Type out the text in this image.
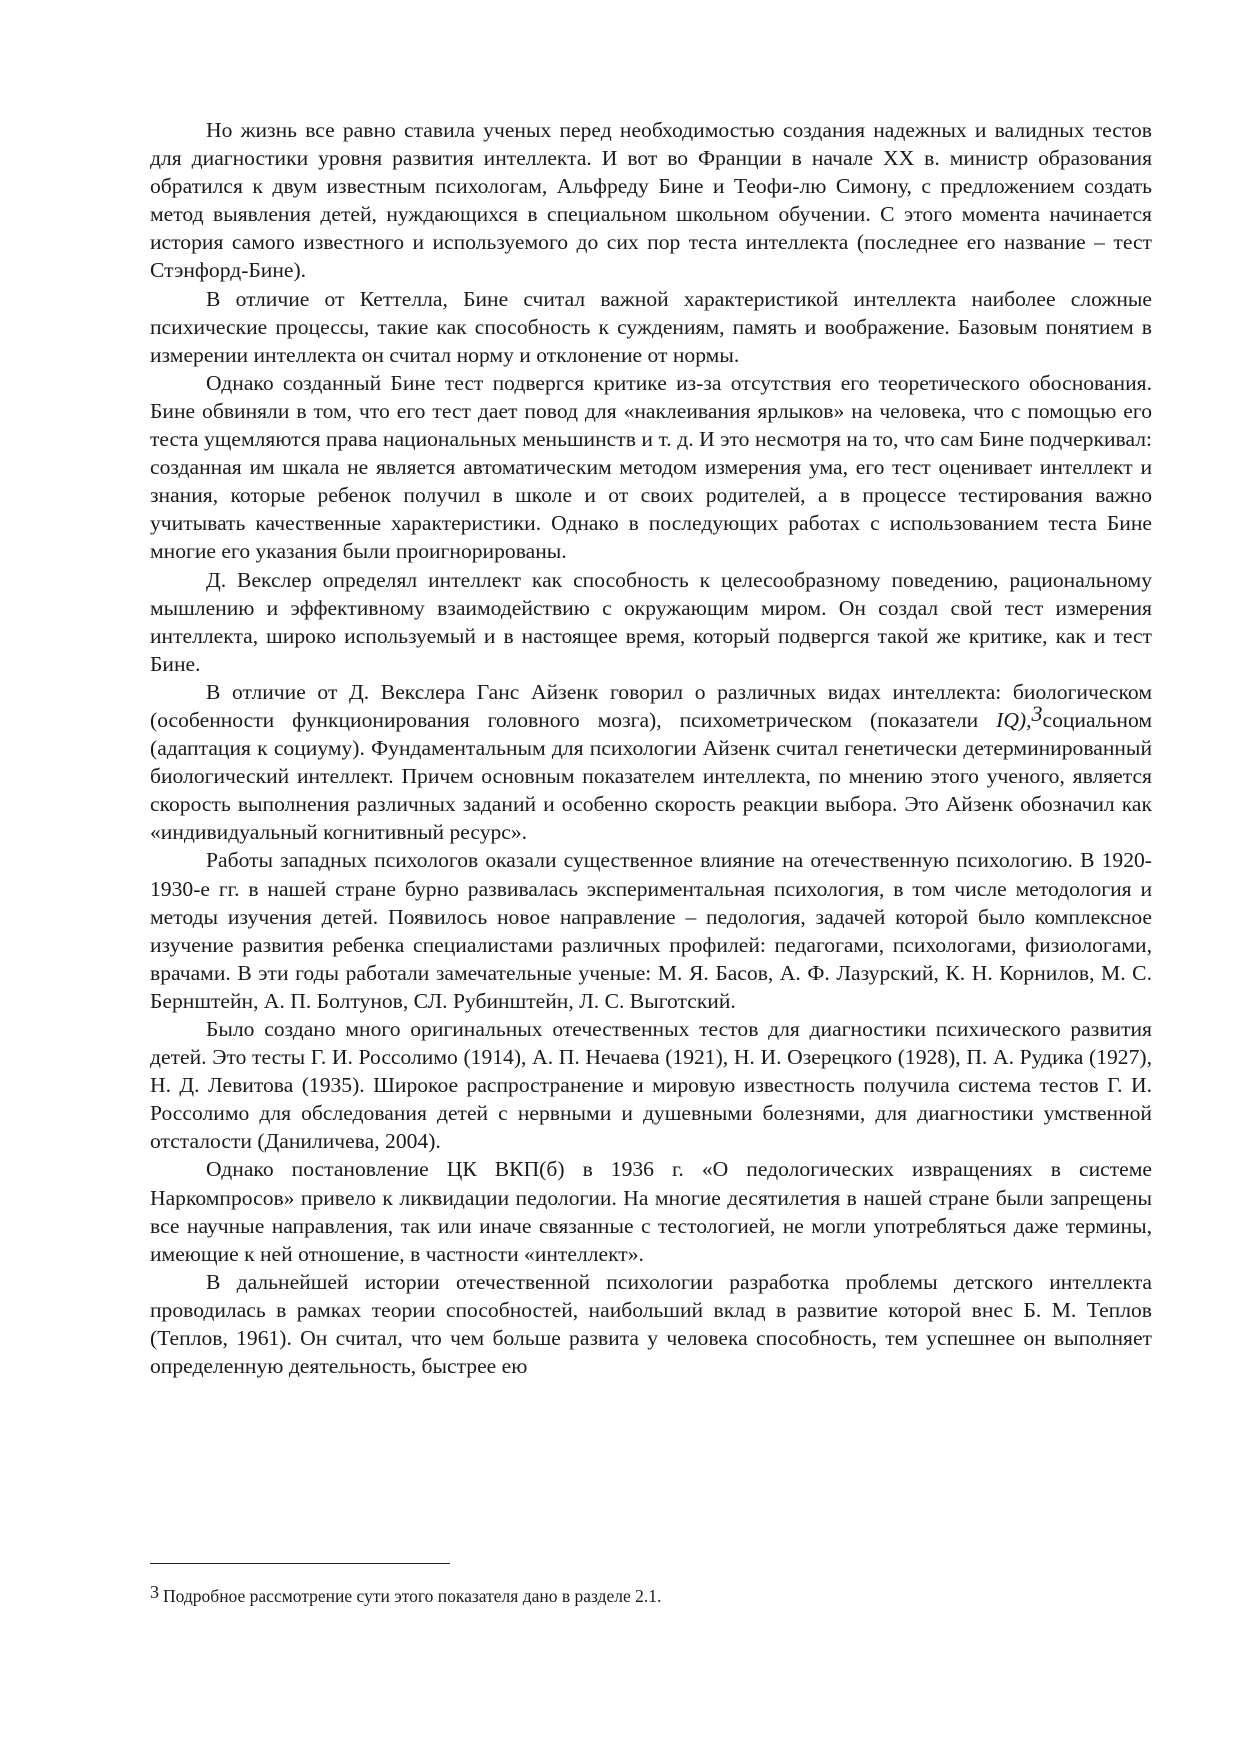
Но жизнь все равно ставила ученых перед необходимостью создания надежных и валидных тестов для диагностики уровня развития интеллекта. И вот во Франции в начале XX в. министр образования обратился к двум известным психологам, Альфреду Бине и Теофи-лю Симону, с предложением создать метод выявления детей, нуждающихся в специальном школьном обучении. С этого момента начинается история самого известного и используемого до сих пор теста интеллекта (последнее его название – тест Стэнфорд-Бине).

В отличие от Кеттелла, Бине считал важной характеристикой интеллекта наиболее сложные психические процессы, такие как способность к суждениям, память и воображение. Базовым понятием в измерении интеллекта он считал норму и отклонение от нормы.

Однако созданный Бине тест подвергся критике из-за отсутствия его теоретического обоснования. Бине обвиняли в том, что его тест дает повод для «наклеивания ярлыков» на человека, что с помощью его теста ущемляются права национальных меньшинств и т. д. И это несмотря на то, что сам Бине подчеркивал: созданная им шкала не является автоматическим методом измерения ума, его тест оценивает интеллект и знания, которые ребенок получил в школе и от своих родителей, а в процессе тестирования важно учитывать качественные характеристики. Однако в последующих работах с использованием теста Бине многие его указания были проигнорированы.

Д. Векслер определял интеллект как способность к целесообразному поведению, рациональному мышлению и эффективному взаимодействию с окружающим миром. Он создал свой тест измерения интеллекта, широко используемый и в настоящее время, который подвергся такой же критике, как и тест Бине.

В отличие от Д. Векслера Ганс Айзенк говорил о различных видах интеллекта: биологическом (особенности функционирования головного мозга), психометрическом (показатели IQ),3социальном (адаптация к социуму). Фундаментальным для психологии Айзенк считал генетически детерминированный биологический интеллект. Причем основным показателем интеллекта, по мнению этого ученого, является скорость выполнения различных заданий и особенно скорость реакции выбора. Это Айзенк обозначил как «индивидуальный когнитивный ресурс».

Работы западных психологов оказали существенное влияние на отечественную психологию. В 1920-1930-е гг. в нашей стране бурно развивалась экспериментальная психология, в том числе методология и методы изучения детей. Появилось новое направление – педология, задачей которой было комплексное изучение развития ребенка специалистами различных профилей: педагогами, психологами, физиологами, врачами. В эти годы работали замечательные ученые: М. Я. Басов, А. Ф. Лазурский, К. Н. Корнилов, М. С. Бернштейн, А. П. Болтунов, СЛ. Рубинштейн, Л. С. Выготский.

Было создано много оригинальных отечественных тестов для диагностики психического развития детей. Это тесты Г. И. Россолимо (1914), А. П. Нечаева (1921), Н. И. Озерецкого (1928), П. А. Рудика (1927), Н. Д. Левитова (1935). Широкое распространение и мировую известность получила система тестов Г. И. Россолимо для обследования детей с нервными и душевными болезнями, для диагностики умственной отсталости (Даниличева, 2004).

Однако постановление ЦК ВКП(б) в 1936 г. «О педологических извращениях в системе Наркомпросов» привело к ликвидации педологии. На многие десятилетия в нашей стране были запрещены все научные направления, так или иначе связанные с тестологией, не могли употребляться даже термины, имеющие к ней отношение, в частности «интеллект».

В дальнейшей истории отечественной психологии разработка проблемы детского интеллекта проводилась в рамках теории способностей, наибольший вклад в развитие которой внес Б. М. Теплов (Теплов, 1961). Он считал, что чем больше развита у человека способность, тем успешнее он выполняет определенную деятельность, быстрее ею

3 Подробное рассмотрение сути этого показателя дано в разделе 2.1.
